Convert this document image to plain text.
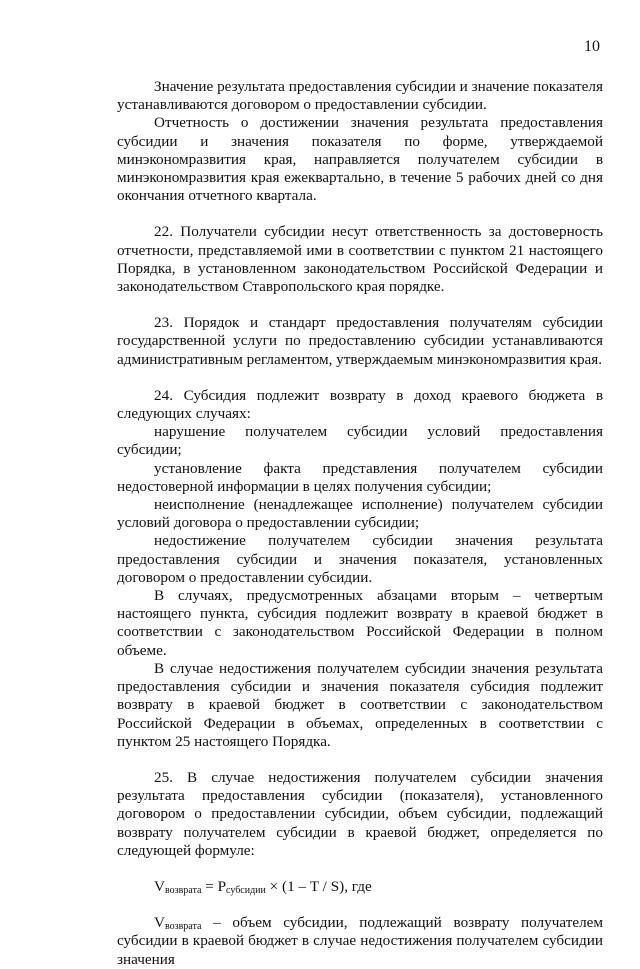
10

Значение результата предоставления субсидии и значение показателя устанавливаются договором о предоставлении субсидии.

Отчетность о достижении значения результата предоставления субсидии и значения показателя по форме, утверждаемой минэкономразвития края, направляется получателем субсидии в минэкономразвития края ежеквартально, в течение 5 рабочих дней со дня окончания отчетного квартала.

22. Получатели субсидии несут ответственность за достоверность отчетности, представляемой ими в соответствии с пунктом 21 настоящего Порядка, в установленном законодательством Российской Федерации и законодательством Ставропольского края порядке.

23. Порядок и стандарт предоставления получателям субсидии государственной услуги по предоставлению субсидии устанавливаются административным регламентом, утверждаемым минэкономразвития края.

24. Субсидия подлежит возврату в доход краевого бюджета в следующих случаях:

нарушение получателем субсидии условий предоставления субсидии;

установление факта представления получателем субсидии недостоверной информации в целях получения субсидии;

неисполнение (ненадлежащее исполнение) получателем субсидии условий договора о предоставлении субсидии;

недостижение получателем субсидии значения результата предоставления субсидии и значения показателя, установленных договором о предоставлении субсидии.

В случаях, предусмотренных абзацами вторым – четвертым настоящего пункта, субсидия подлежит возврату в краевой бюджет в соответствии с законодательством Российской Федерации в полном объеме.

В случае недостижения получателем субсидии значения результата предоставления субсидии и значения показателя субсидия подлежит возврату в краевой бюджет в соответствии с законодательством Российской Федерации в объемах, определенных в соответствии с пунктом 25 настоящего Порядка.

25. В случае недостижения получателем субсидии значения результата предоставления субсидии (показателя), установленного договором о предоставлении субсидии, объем субсидии, подлежащий возврату получателем субсидии в краевой бюджет, определяется по следующей формуле:

$V_{возврата} = P_{субсидии} \times (1 - T / S)$, где

$V_{возврата}$ – объем субсидии, подлежащий возврату получателем субсидии в краевой бюджет в случае недостижения получателем субсидии значения
